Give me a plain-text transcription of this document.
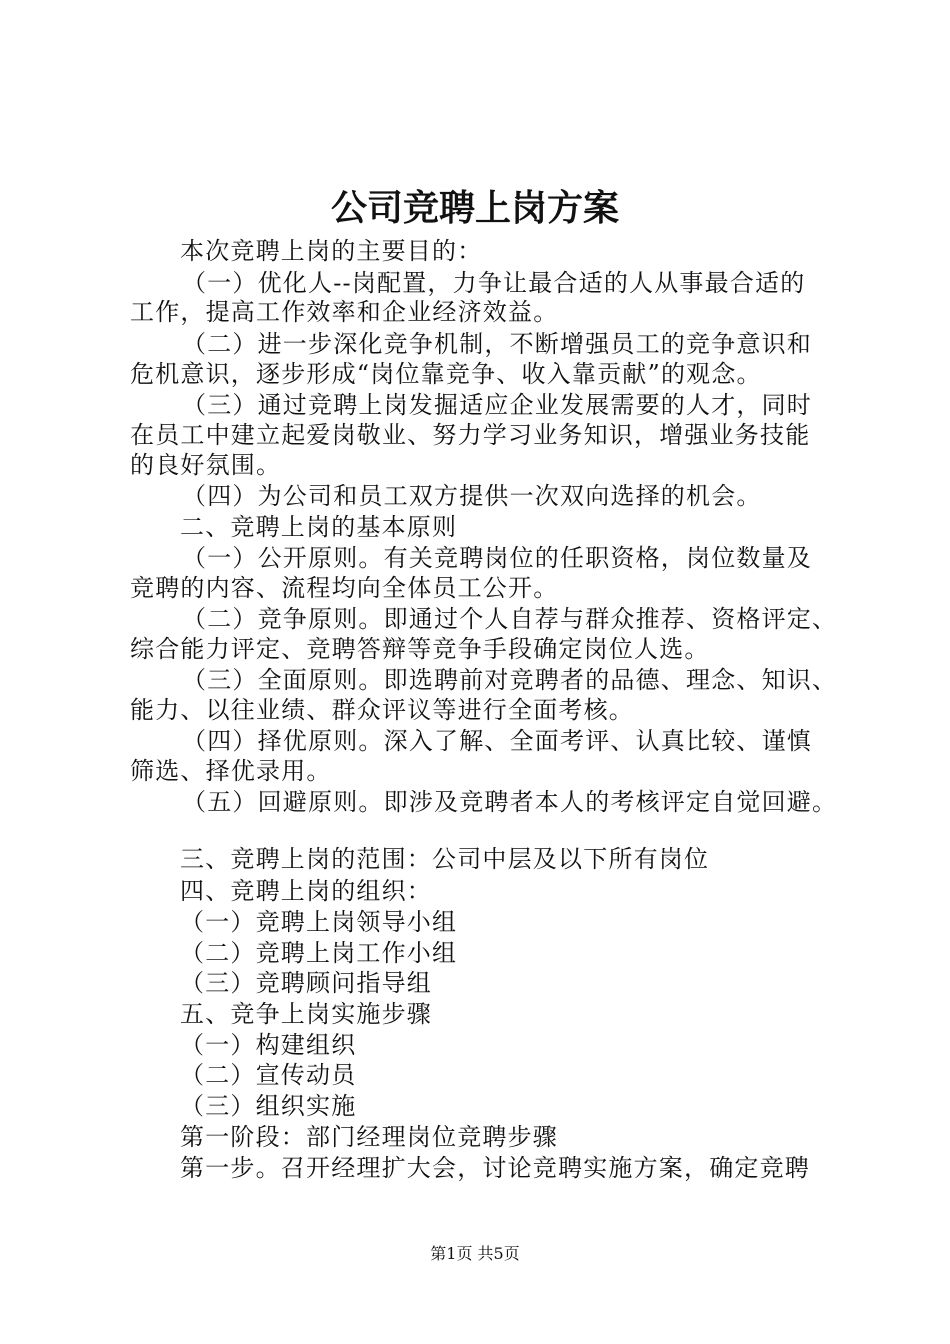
公司竞聘上岗方案

本次竞聘上岗的主要目的：

（一）优化人--岗配置，力争让最合适的人从事最合适的

工作，提高工作效率和企业经济效益。

（二）进一步深化竞争机制，不断增强员工的竞争意识和

危机意识，逐步形成“岗位靠竞争、收入靠贡献”的观念。

（三）通过竞聘上岗发掘适应企业发展需要的人才，同时

在员工中建立起爱岗敬业、努力学习业务知识，增强业务技能

的良好氛围。

（四）为公司和员工双方提供一次双向选择的机会。

二、竞聘上岗的基本原则

（一）公开原则。有关竞聘岗位的任职资格，岗位数量及

竞聘的内容、流程均向全体员工公开。

（二）竞争原则。即通过个人自荐与群众推荐、资格评定、

综合能力评定、竞聘答辩等竞争手段确定岗位人选。

（三）全面原则。即选聘前对竞聘者的品德、理念、知识、

能力、以往业绩、群众评议等进行全面考核。

（四）择优原则。深入了解、全面考评、认真比较、谨慎

筛选、择优录用。

（五）回避原则。即涉及竞聘者本人的考核评定自觉回避。

三、竞聘上岗的范围：公司中层及以下所有岗位

四、竞聘上岗的组织：

（一）竞聘上岗领导小组

（二）竞聘上岗工作小组

（三）竞聘顾问指导组

五、竞争上岗实施步骤

（一）构建组织

（二）宣传动员

（三）组织实施

第一阶段：部门经理岗位竞聘步骤

第一步。召开经理扩大会，讨论竞聘实施方案，确定竞聘

第1页 共5页
